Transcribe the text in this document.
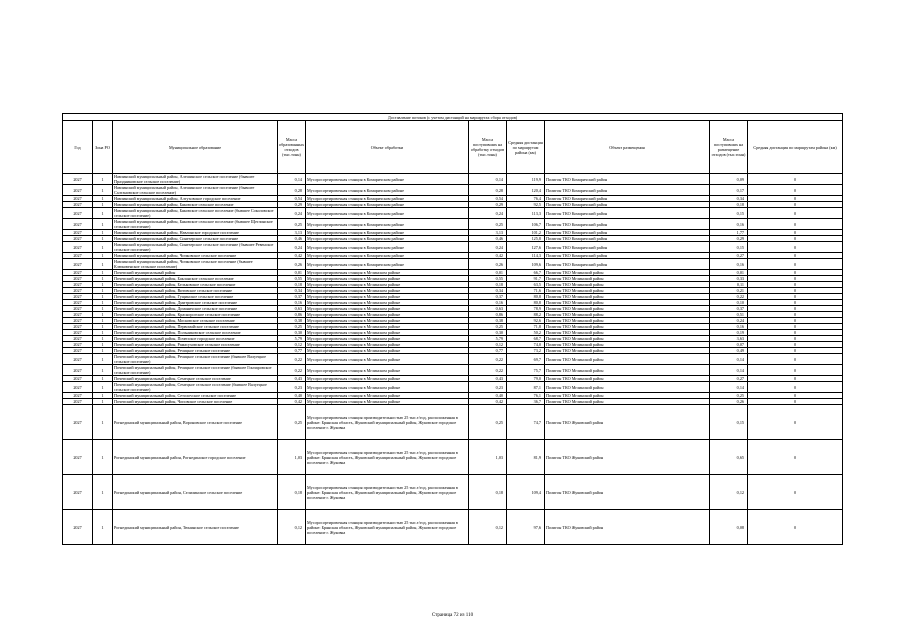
Доставление потоков (с учетом дистанций на маршрутах сбора отходов)									
Год	Зона РО	Муниципальное образование	Масса образованных отходов (тыс.тонн)	Объект обработки	Масса поступивших на обработку отходов (тыс.тонн)	Средняя дистанция по маршрутам района (км)	Объект размещения	Масса поступивших на размещение отходов (тыс.тонн)	Средняя дистанция по маршрутам района (км)
2027	1	Навлинский муниципальный район, Алешинское сельское поселение (бывшее Праздниковское сельское поселение)	0,14	Мусоросортировочная станция в Комаричском районе	0,14	119,9	Полигон ТКО Комаричский район	0,09	0
2027	1	Навлинский муниципальный район, Алешинское сельское поселение (бывшее Салтановское сельское поселение)	0,28	Мусоросортировочная станция в Комаричском районе	0,28	120,4	Полигон ТКО Комаричский район	0,17	0
2027	1	Навлинский муниципальный район, Алтуховское городское поселение	0,54	Мусоросортировочная станция в Комаричском районе	0,54	76,4	Полигон ТКО Комаричский район	0,34	0
2027	1	Навлинский муниципальный район, Бяковское сельское поселение	0,29	Мусоросортировочная станция в Комаричском районе	0,29	92,5	Полигон ТКО Комаричский район	0,18	0
2027	1	Навлинский муниципальный район, Бяковское сельское поселение (бывшее Соколовское сельское поселение)	0,24	Мусоросортировочная станция в Комаричском районе	0,24	113,3	Полигон ТКО Комаричский район	0,15	0
2027	1	Навлинский муниципальный район, Бяковское сельское поселение (бывшее Щеглинское сельское поселение)	0,25	Мусоросортировочная станция в Комаричском районе	0,25	106,7	Полигон ТКО Комаричский район	0,16	0
2027	1	Навлинский муниципальный район, Навлинское городское поселение	3,13	Мусоросортировочная станция в Комаричском районе	3,13	101,2	Полигон ТКО Комаричский район	1,77	0
2027	1	Навлинский муниципальный район, Синезерское сельское поселение	0,46	Мусоросортировочная станция в Комаричском районе	0,46	125,8	Полигон ТКО Комаричский район	0,29	0
2027	1	Навлинский муниципальный район, Синезерское сельское поселение (бывшее Ревенское сельское поселение)	0,24	Мусоросортировочная станция в Комаричском районе	0,24	127,6	Полигон ТКО Комаричский район	0,15	0
2027	1	Навлинский муниципальный район, Чичковское сельское поселение	0,42	Мусоросортировочная станция в Комаричском районе	0,42	114,3	Полигон ТКО Комаричский район	0,27	0
2027	1	Навлинский муниципальный район, Чичковское сельское поселение (бывшее Клюковенское сельское поселение)	0,26	Мусоросортировочная станция в Комаричском районе	0,26	109,6	Полигон ТКО Комаричский район	0,16	0
2027	1	Почепский муниципальный район	0,01	Мусоросортировочная станция в Мглинском районе	0,01	66,7	Полигон ТКО Мглинский район	0,01	0
2027	1	Почепский муниципальный район, Бакланское сельское поселение	0,55	Мусоросортировочная станция в Мглинском районе	0,55	91,7	Полигон ТКО Мглинский район	0,33	0
2027	1	Почепский муниципальный район, Бельковское сельское поселение	0,18	Мусоросортировочная станция в Мглинском районе	0,18	63,5	Полигон ТКО Мглинский район	0,11	0
2027	1	Почепский муниципальный район, Витовское сельское поселение	0,34	Мусоросортировочная станция в Мглинском районе	0,34	71,6	Полигон ТКО Мглинский район	0,21	0
2027	1	Почепский муниципальный район, Гущинское сельское поселение	0,37	Мусоросортировочная станция в Мглинском районе	0,37	80,8	Полигон ТКО Мглинский район	0,22	0
2027	1	Почепский муниципальный район, Дмитровское сельское поселение	0,16	Мусоросортировочная станция в Мглинском районе	0,16	80,8	Полигон ТКО Мглинский район	0,10	0
2027	1	Почепский муниципальный район, Доманичское сельское поселение	0,63	Мусоросортировочная станция в Мглинском районе	0,63	78,9	Полигон ТКО Мглинский район	0,37	0
2027	1	Почепский муниципальный район, Краснорогское сельское поселение	0,86	Мусоросортировочная станция в Мглинском районе	0,86	88,2	Полигон ТКО Мглинский район	0,51	0
2027	1	Почепский муниципальный район, Московское сельское поселение	0,38	Мусоросортировочная станция в Мглинском районе	0,38	92,6	Полигон ТКО Мглинский район	0,24	0
2027	1	Почепский муниципальный район, Первомайское сельское поселение	0,25	Мусоросортировочная станция в Мглинском районе	0,25	71,8	Полигон ТКО Мглинский район	0,16	0
2027	1	Почепский муниципальный район, Польниковское сельское поселение	0,30	Мусоросортировочная станция в Мглинском районе	0,30	50,2	Полигон ТКО Мглинский район	0,19	0
2027	1	Почепский муниципальный район, Почепское городское поселение	5,79	Мусоросортировочная станция в Мглинском районе	5,79	68,7	Полигон ТКО Мглинский район	3,63	0
2027	1	Почепский муниципальный район, Рамасуховское сельское поселение	0,12	Мусоросортировочная станция в Мглинском районе	0,12	74,0	Полигон ТКО Мглинский район	0,07	0
2027	1	Почепский муниципальный район, Речицкое сельское поселение	0,77	Мусоросортировочная станция в Мглинском районе	0,77	73,2	Полигон ТКО Мглинский район	0,49	0
2027	1	Почепский муниципальный район, Речицкое сельское поселение (бывшее Валуецкое сельское поселение)	0,22	Мусоросортировочная станция в Мглинском районе	0,22	69,7	Полигон ТКО Мглинский район	0,14	0
2027	1	Почепский муниципальный район, Речицкое сельское поселение (бывшее Гончаровское сельское поселение)	0,22	Мусоросортировочная станция в Мглинском районе	0,22	75,7	Полигон ТКО Мглинский район	0,14	0
2027	1	Почепский муниципальный район, Семецкое сельское поселение	0,43	Мусоросортировочная станция в Мглинском районе	0,43	79,0	Полигон ТКО Мглинский район	0,27	0
2027	1	Почепский муниципальный район, Семецкое сельское поселение (бывшее Валуецкое сельское поселение)	0,23	Мусоросортировочная станция в Мглинском районе	0,23	87,1	Полигон ТКО Мглинский район	0,14	0
2027	1	Почепский муниципальный район, Сетолovское сельское поселение	0,40	Мусоросортировочная станция в Мглинском районе	0,40	76,1	Полигон ТКО Мглинский район	0,25	0
2027	1	Почепский муниципальный район, Чоповское сельское поселение	0,42	Мусоросортировочная станция в Мглинском районе	0,42	36,7	Полигон ТКО Мглинский район	0,26	0
2027	1	Рогнединский муниципальный район, Вороновское сельское поселение	0,25	Мусоросортировочная станция производительностью 25 тыс.т/год, расположенная в районе: Брянская область, Жуковский муниципальный район, Жуковское городское поселение г. Жуковка	0,25	74,7	Полигон ТКО Жуковский район	0,15	0
2027	1	Рогнединский муниципальный район, Рогнединское городское поселение	1,03	Мусоросортировочная станция производительностью 25 тыс.т/год, расположенная в районе: Брянская область, Жуковский муниципальный район, Жуковское городское поселение г. Жуковка	1,03	81,9	Полигон ТКО Жуковский район	0,65	0
2027	1	Рогнединский муниципальный район, Селилинское сельское поселение	0,18	Мусоросортировочная станция производительностью 25 тыс.т/год, расположенная в районе: Брянская область, Жуковский муниципальный район, Жуковское городское поселение г. Жуковка	0,18	109,4	Полигон ТКО Жуковский район	0,12	0
2027	1	Рогнединский муниципальный район, Тюнинское сельское поселение	0,12	Мусоросортировочная станция производительностью 25 тыс.т/год, расположенная в районе: Брянская область, Жуковский муниципальный район, Жуковское городское поселение г. Жуковка	0,12	97,6	Полигон ТКО Жуковский район	0,08	0
Страница 72 из 110
